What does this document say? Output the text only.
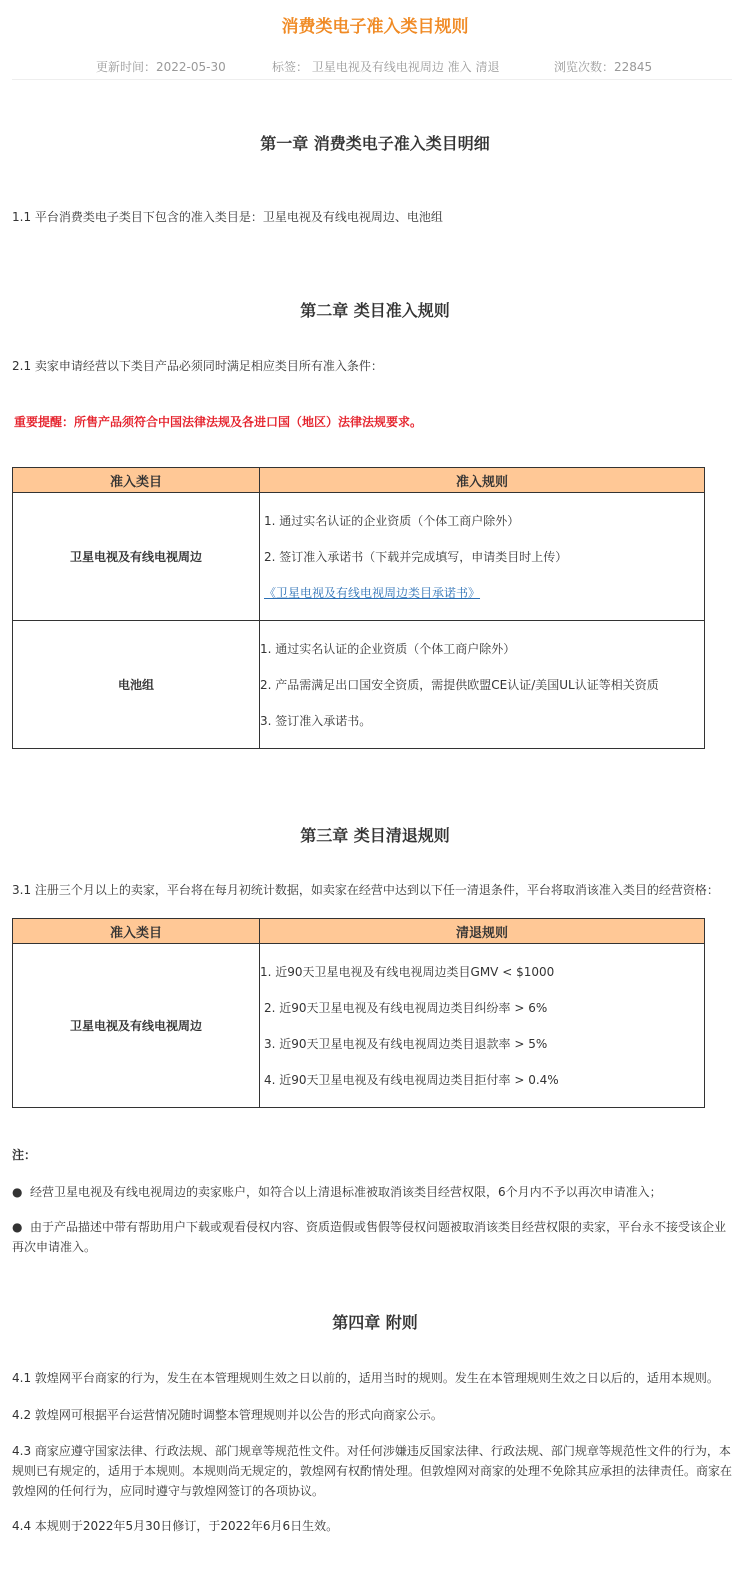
消费类电子准入类目规则
更新时间：2022-05-30	标签： 卫星电视及有线电视周边 准入 清退	浏览次数：22845
第一章 消费类电子准入类目明细
1.1 平台消费类电子类目下包含的准入类目是：卫星电视及有线电视周边、电池组
第二章 类目准入规则
2.1 卖家申请经营以下类目产品必须同时满足相应类目所有准入条件：
重要提醒：所售产品须符合中国法律法规及各进口国（地区）法律法规要求。
准入类目	准入规则
卫星电视及有线电视周边	1. 通过实名认证的企业资质（个体工商户除外）
2. 签订准入承诺书（下载并完成填写，申请类目时上传）
《卫星电视及有线电视周边类目承诺书》

电池组	1. 通过实名认证的企业资质（个体工商户除外）
2. 产品需满足出口国安全资质，需提供欧盟CE认证/美国UL认证等相关资质
3. 签订准入承诺书。
第三章 类目清退规则
3.1 注册三个月以上的卖家，平台将在每月初统计数据，如卖家在经营中达到以下任一清退条件，平台将取消该准入类目的经营资格：
准入类目	清退规则
卫星电视及有线电视周边	1. 近90天卫星电视及有线电视周边类目GMV < $1000
2. 近90天卫星电视及有线电视周边类目纠纷率 > 6%
3. 近90天卫星电视及有线电视周边类目退款率 > 5%
4. 近90天卫星电视及有线电视周边类目拒付率 > 0.4%
注：
● 经营卫星电视及有线电视周边的卖家账户，如符合以上清退标准被取消该类目经营权限，6个月内不予以再次申请准入；
● 由于产品描述中带有帮助用户下载或观看侵权内容、资质造假或售假等侵权问题被取消该类目经营权限的卖家，平台永不接受该企业再次申请准入。
第四章 附则
4.1 敦煌网平台商家的行为，发生在本管理规则生效之日以前的，适用当时的规则。发生在本管理规则生效之日以后的，适用本规则。
4.2 敦煌网可根据平台运营情况随时调整本管理规则并以公告的形式向商家公示。
4.3 商家应遵守国家法律、行政法规、部门规章等规范性文件。对任何涉嫌违反国家法律、行政法规、部门规章等规范性文件的行为，本规则已有规定的，适用于本规则。本规则尚无规定的，敦煌网有权酌情处理。但敦煌网对商家的处理不免除其应承担的法律责任。商家在敦煌网的任何行为，应同时遵守与敦煌网签订的各项协议。
4.4 本规则于2022年5月30日修订，于2022年6月6日生效。
